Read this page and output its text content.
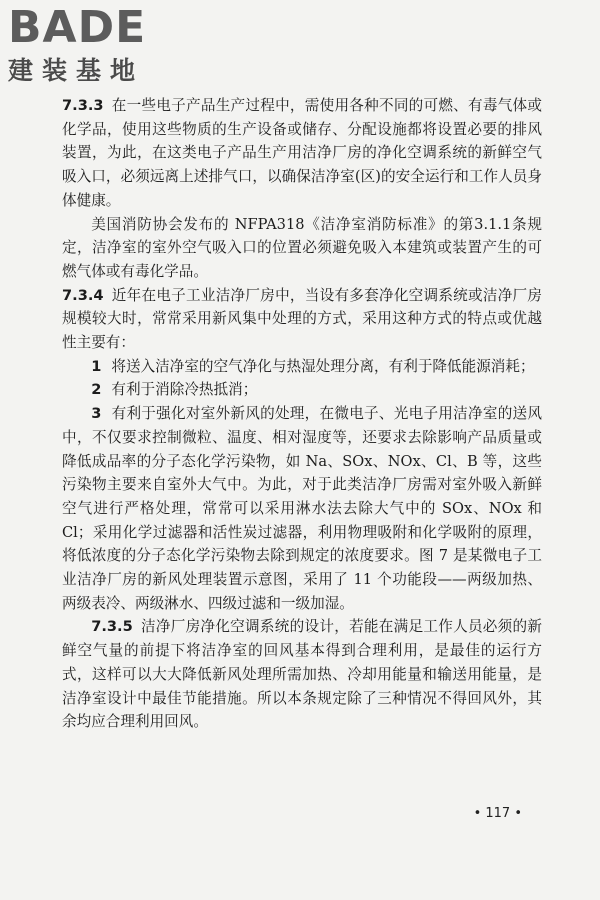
BADE
建装基地

7.3.3 在一些电子产品生产过程中，需使用各种不同的可燃、有毒气体或化学品，使用这些物质的生产设备或储存、分配设施都将设置必要的排风装置，为此，在这类电子产品生产用洁净厂房的净化空调系统的新鲜空气吸入口，必须远离上述排气口，以确保洁净室(区)的安全运行和工作人员身体健康。

美国消防协会发布的 NFPA318《洁净室消防标准》的第3.1.1条规定，洁净室的室外空气吸入口的位置必须避免吸入本建筑或装置产生的可燃气体或有毒化学品。

7.3.4 近年在电子工业洁净厂房中，当设有多套净化空调系统或洁净厂房规模较大时，常常采用新风集中处理的方式，采用这种方式的特点或优越性主要有：

1 将送入洁净室的空气净化与热湿处理分离，有利于降低能源消耗；

2 有利于消除冷热抵消；

3 有利于强化对室外新风的处理，在微电子、光电子用洁净室的送风中，不仅要求控制微粒、温度、相对湿度等，还要求去除影响产品质量或降低成品率的分子态化学污染物，如 Na、SOx、NOx、Cl、B 等，这些污染物主要来自室外大气中。为此，对于此类洁净厂房需对室外吸入新鲜空气进行严格处理，常常可以采用淋水法去除大气中的 SOx、NOx 和 Cl；采用化学过滤器和活性炭过滤器，利用物理吸附和化学吸附的原理，将低浓度的分子态化学污染物去除到规定的浓度要求。图 7 是某微电子工业洁净厂房的新风处理装置示意图，采用了 11 个功能段——两级加热、两级表冷、两级淋水、四级过滤和一级加湿。

7.3.5 洁净厂房净化空调系统的设计，若能在满足工作人员必须的新鲜空气量的前提下将洁净室的回风基本得到合理利用，是最佳的运行方式，这样可以大大降低新风处理所需加热、冷却用能量和输送用能量，是洁净室设计中最佳节能措施。所以本条规定除了三种情况不得回风外，其余均应合理利用回风。

• 117 •
